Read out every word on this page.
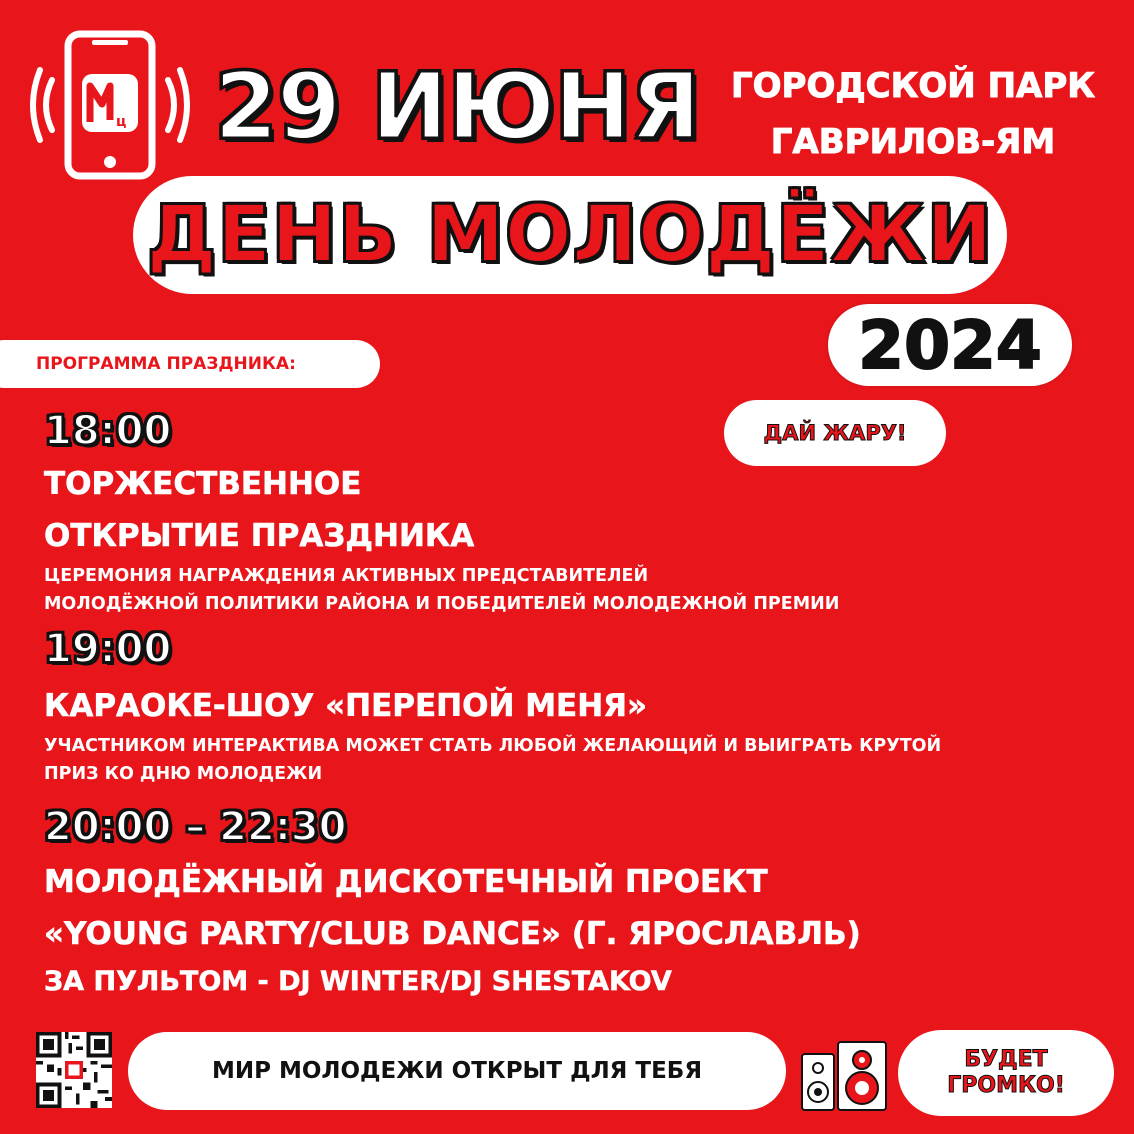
ц 29 ИЮНЯ ГОРОДСКОЙ ПАРК
ГАВРИЛОВ-ЯМ
ДЕНЬ МОЛОДЁЖИ
ПРОГРАММА ПРАЗДНИКА:	2024
ДАЙ ЖАРУ!
18:00
ТОРЖЕСТВЕННОЕ
ОТКРЫТИЕ ПРАЗДНИКА
ЦЕРЕМОНИЯ НАГРАЖДЕНИЯ АКТИВНЫХ ПРЕДСТАВИТЕЛЕЙ
МОЛОДЁЖНОЙ ПОЛИТИКИ РАЙОНА И ПОБЕДИТЕЛЕЙ МОЛОДЕЖНОЙ ПРЕМИИ
19:00
КАРАОКЕ-ШОУ «ПЕРЕПОЙ МЕНЯ»
УЧАСТНИКОМ ИНТЕРАКТИВА МОЖЕТ СТАТЬ ЛЮБОЙ ЖЕЛАЮЩИЙ И ВЫИГРАТЬ КРУТОЙ
ПРИЗ КО ДНЮ МОЛОДЕЖИ
20:00 – 22:30
МОЛОДЁЖНЫЙ ДИСКОТЕЧНЫЙ ПРОЕКТ
«YOUNG PARTY/CLUB DANCE» (Г. ЯРОСЛАВЛЬ)
ЗА ПУЛЬТОМ - DJ WINTER/DJ SHESTAKOV
МИР МОЛОДЕЖИ ОТКРЫТ ДЛЯ ТЕБЯ	БУДЕТ
ГРОМКО!
